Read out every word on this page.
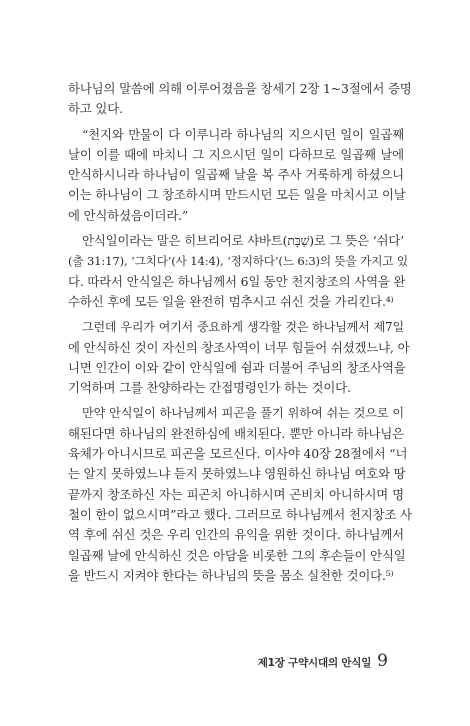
하나님의 말씀에 의해 이루어졌음을 창세기 2장 1~3절에서 증명
하고 있다.
“천지와 만물이 다 이루니라 하나님의 지으시던 일이 일곱째
날이 이를 때에 마치니 그 지으시던 일이 다하므로 일곱째 날에
안식하시니라 하나님이 일곱째 날을 복 주사 거룩하게 하셨으니
이는 하나님이 그 창조하시며 만드시던 모든 일을 마치시고 이날
에 안식하셨음이더라.”
안식일이라는 말은 히브리어로 샤바트(שַׁבָּת)로 그 뜻은 ‘쉬다’
(출 31:17), ‘그치다’(사 14:4), ‘정지하다’(느 6:3)의 뜻을 가지고 있
다. 따라서 안식일은 하나님께서 6일 동안 천지창조의 사역을 완
수하신 후에 모든 일을 완전히 멈추시고 쉬신 것을 가리킨다.⁴⁾
그런데 우리가 여기서 중요하게 생각할 것은 하나님께서 제7일
에 안식하신 것이 자신의 창조사역이 너무 힘들어 쉬셨겠느냐, 아
니면 인간이 이와 같이 안식일에 쉼과 더불어 주님의 창조사역을
기억하며 그를 찬양하라는 간접명령인가 하는 것이다.
만약 안식일이 하나님께서 피곤을 풀기 위하여 쉬는 것으로 이
해된다면 하나님의 완전하심에 배치된다. 뿐만 아니라 하나님은
육체가 아니시므로 피곤을 모르신다. 이사야 40장 28절에서 “너
는 알지 못하였느냐 듣지 못하였느냐 영원하신 하나님 여호와 땅
끝까지 창조하신 자는 피곤치 아니하시며 곤비치 아니하시며 명
철이 한이 없으시며”라고 했다. 그러므로 하나님께서 천지창조 사
역 후에 쉬신 것은 우리 인간의 유익을 위한 것이다. 하나님께서
일곱째 날에 안식하신 것은 아담을 비롯한 그의 후손들이 안식일
을 반드시 지켜야 한다는 하나님의 뜻을 몸소 실천한 것이다.⁵⁾
제1장 구약시대의 안식일 9
